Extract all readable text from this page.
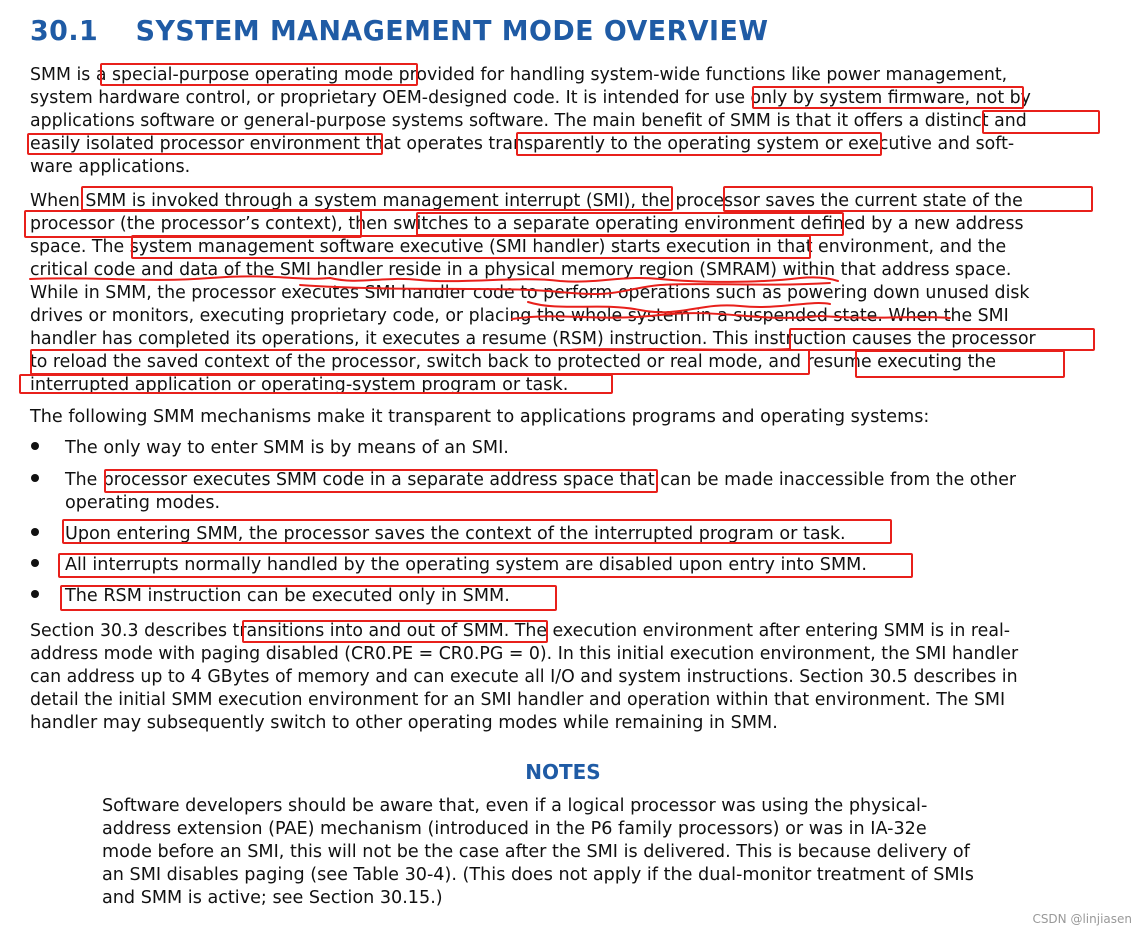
30.1 SYSTEM MANAGEMENT MODE OVERVIEW

SMM is a special-purpose operating mode provided for handling system-wide functions like power management,

system hardware control, or proprietary OEM-designed code. It is intended for use only by system firmware, not by

applications software or general-purpose systems software. The main benefit of SMM is that it offers a distinct and

easily isolated processor environment that operates transparently to the operating system or executive and soft-

ware applications.

When SMM is invoked through a system management interrupt (SMI), the processor saves the current state of the

processor (the processor’s context), then switches to a separate operating environment defined by a new address

space. The system management software executive (SMI handler) starts execution in that environment, and the

critical code and data of the SMI handler reside in a physical memory region (SMRAM) within that address space.

While in SMM, the processor executes SMI handler code to perform operations such as powering down unused disk

drives or monitors, executing proprietary code, or placing the whole system in a suspended state. When the SMI

handler has completed its operations, it executes a resume (RSM) instruction. This instruction causes the processor

to reload the saved context of the processor, switch back to protected or real mode, and resume executing the

interrupted application or operating-system program or task.

The following SMM mechanisms make it transparent to applications programs and operating systems:

The only way to enter SMM is by means of an SMI.

The processor executes SMM code in a separate address space that can be made inaccessible from the other

operating modes.

Upon entering SMM, the processor saves the context of the interrupted program or task.

All interrupts normally handled by the operating system are disabled upon entry into SMM.

The RSM instruction can be executed only in SMM.

Section 30.3 describes transitions into and out of SMM. The execution environment after entering SMM is in real-

address mode with paging disabled (CR0.PE = CR0.PG = 0). In this initial execution environment, the SMI handler

can address up to 4 GBytes of memory and can execute all I/O and system instructions. Section 30.5 describes in

detail the initial SMM execution environment for an SMI handler and operation within that environment. The SMI

handler may subsequently switch to other operating modes while remaining in SMM.

NOTES

Software developers should be aware that, even if a logical processor was using the physical-

address extension (PAE) mechanism (introduced in the P6 family processors) or was in IA-32e

mode before an SMI, this will not be the case after the SMI is delivered. This is because delivery of

an SMI disables paging (see Table 30-4). (This does not apply if the dual-monitor treatment of SMIs

and SMM is active; see Section 30.15.)

CSDN @linjiasen
